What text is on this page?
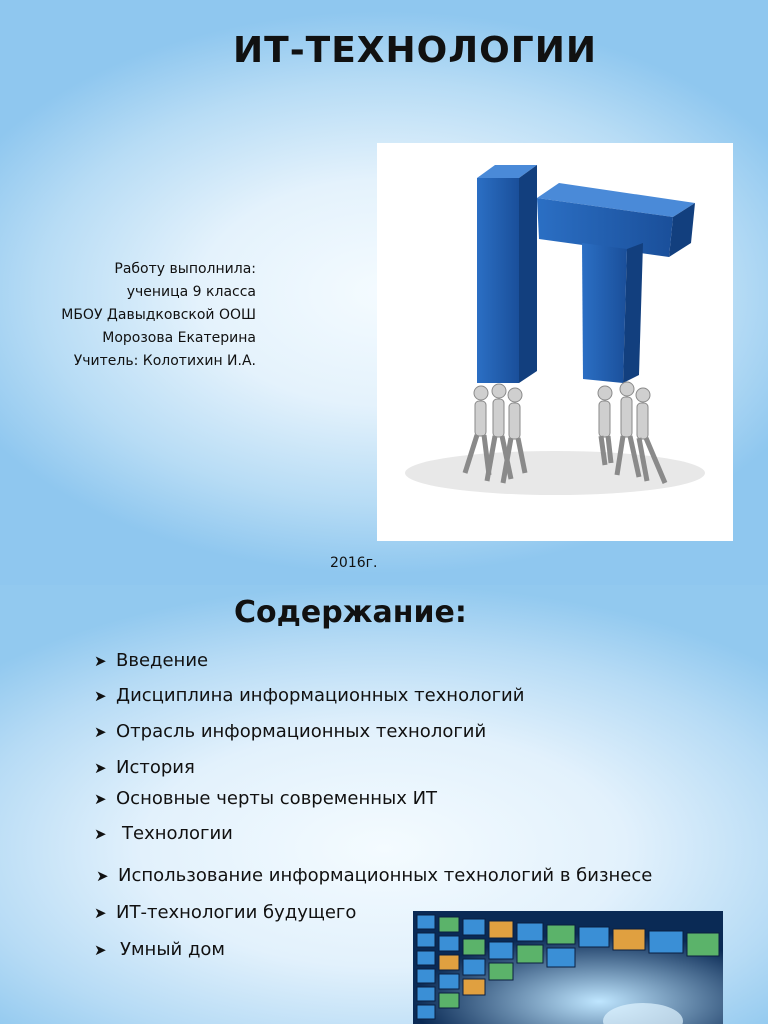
ИТ-ТЕХНОЛОГИИ
Работу выполнила:
ученица 9 класса
МБОУ Давыдковской ООШ
Морозова Екатерина
Учитель: Колотихин И.А.
2016г.
Содержание:
➤ Введение
➤ Дисциплина информационных технологий
➤ Отрасль информационных технологий
➤ История
➤ Основные черты современных ИТ
➤ Технологии
➤ Использование информационных технологий в бизнесе
➤ ИТ-технологии будущего
➤ Умный дом
